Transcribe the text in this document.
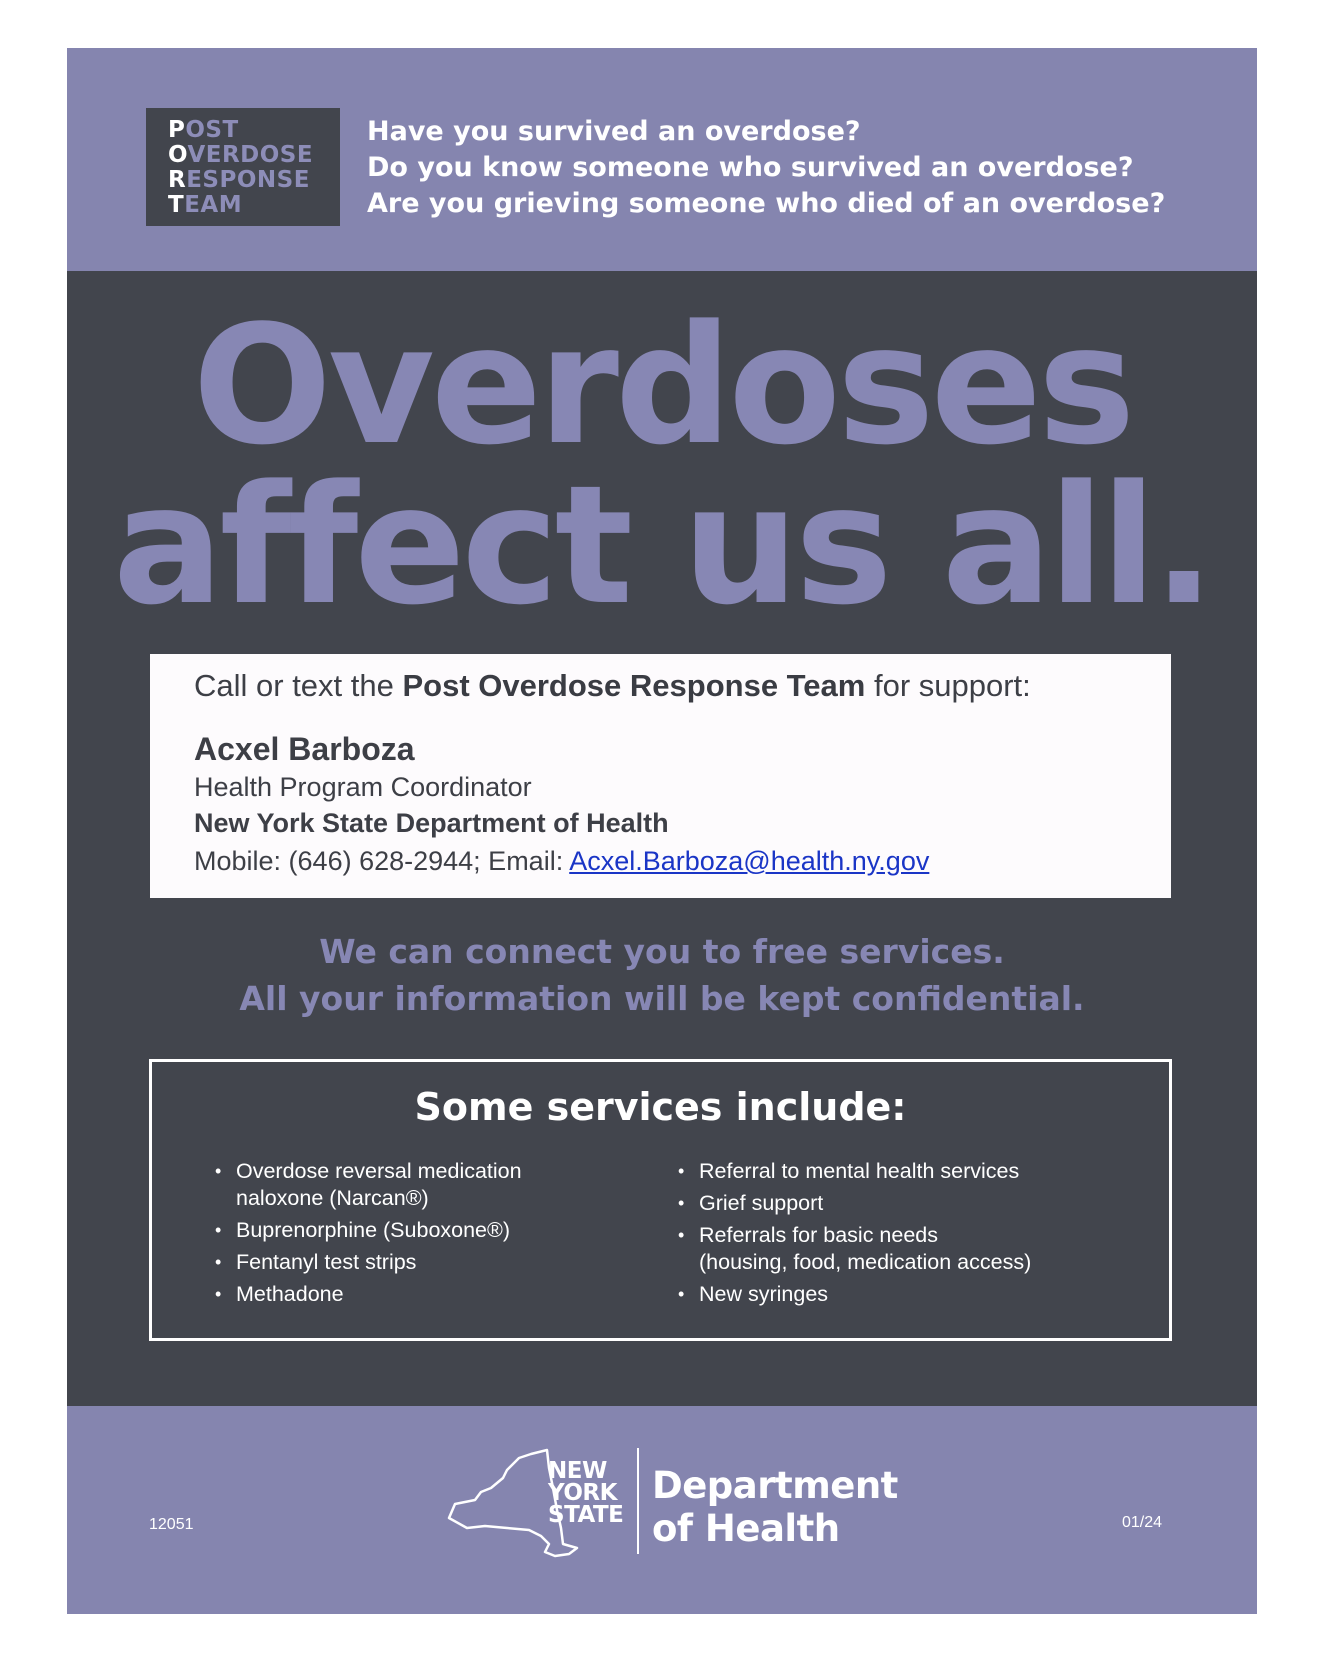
POST
OVERDOSE
RESPONSE
TEAM
Have you survived an overdose?
Do you know someone who survived an overdose?
Are you grieving someone who died of an overdose?
Overdoses
affect us all.
Call or text the Post Overdose Response Team for support:
Acxel Barboza
Health Program Coordinator
New York State Department of Health
Mobile: (646) 628-2944; Email: Acxel.Barboza@health.ny.gov
We can connect you to free services.
All your information will be kept confidential.
Some services include:
• Overdose reversal medication
naloxone (Narcan®)
• Buprenorphine (Suboxone®)
• Fentanyl test strips
• Methadone
• Referral to mental health services
• Grief support
• Referrals for basic needs
(housing, food, medication access)
• New syringes
12051	01/24
NEW
YORK
STATE
Department
of Health
